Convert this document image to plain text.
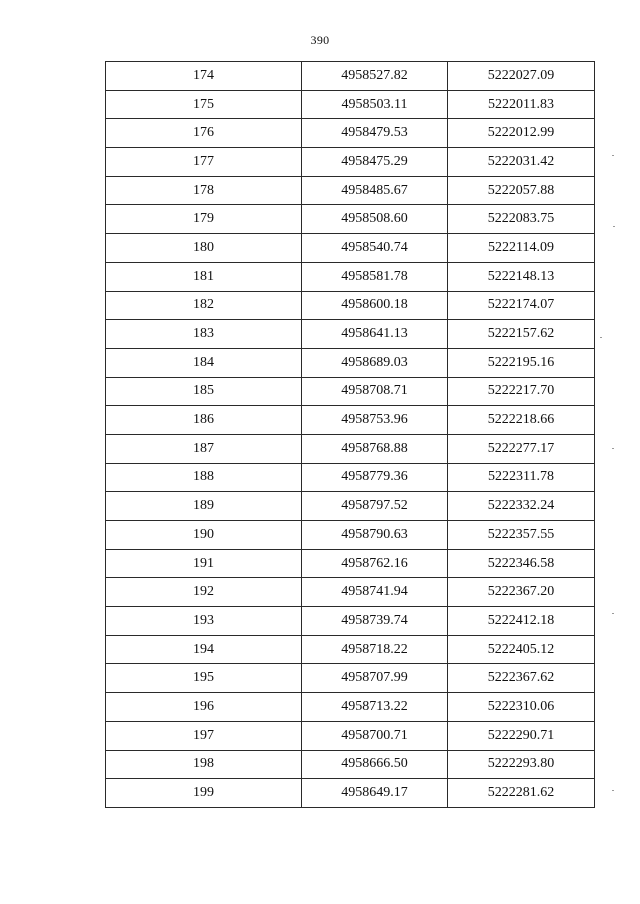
390
174	4958527.82	5222027.09
175	4958503.11	5222011.83
176	4958479.53	5222012.99
177	4958475.29	5222031.42
178	4958485.67	5222057.88
179	4958508.60	5222083.75
180	4958540.74	5222114.09
181	4958581.78	5222148.13
182	4958600.18	5222174.07
183	4958641.13	5222157.62
184	4958689.03	5222195.16
185	4958708.71	5222217.70
186	4958753.96	5222218.66
187	4958768.88	5222277.17
188	4958779.36	5222311.78
189	4958797.52	5222332.24
190	4958790.63	5222357.55
191	4958762.16	5222346.58
192	4958741.94	5222367.20
193	4958739.74	5222412.18
194	4958718.22	5222405.12
195	4958707.99	5222367.62
196	4958713.22	5222310.06
197	4958700.71	5222290.71
198	4958666.50	5222293.80
199	4958649.17	5222281.62
